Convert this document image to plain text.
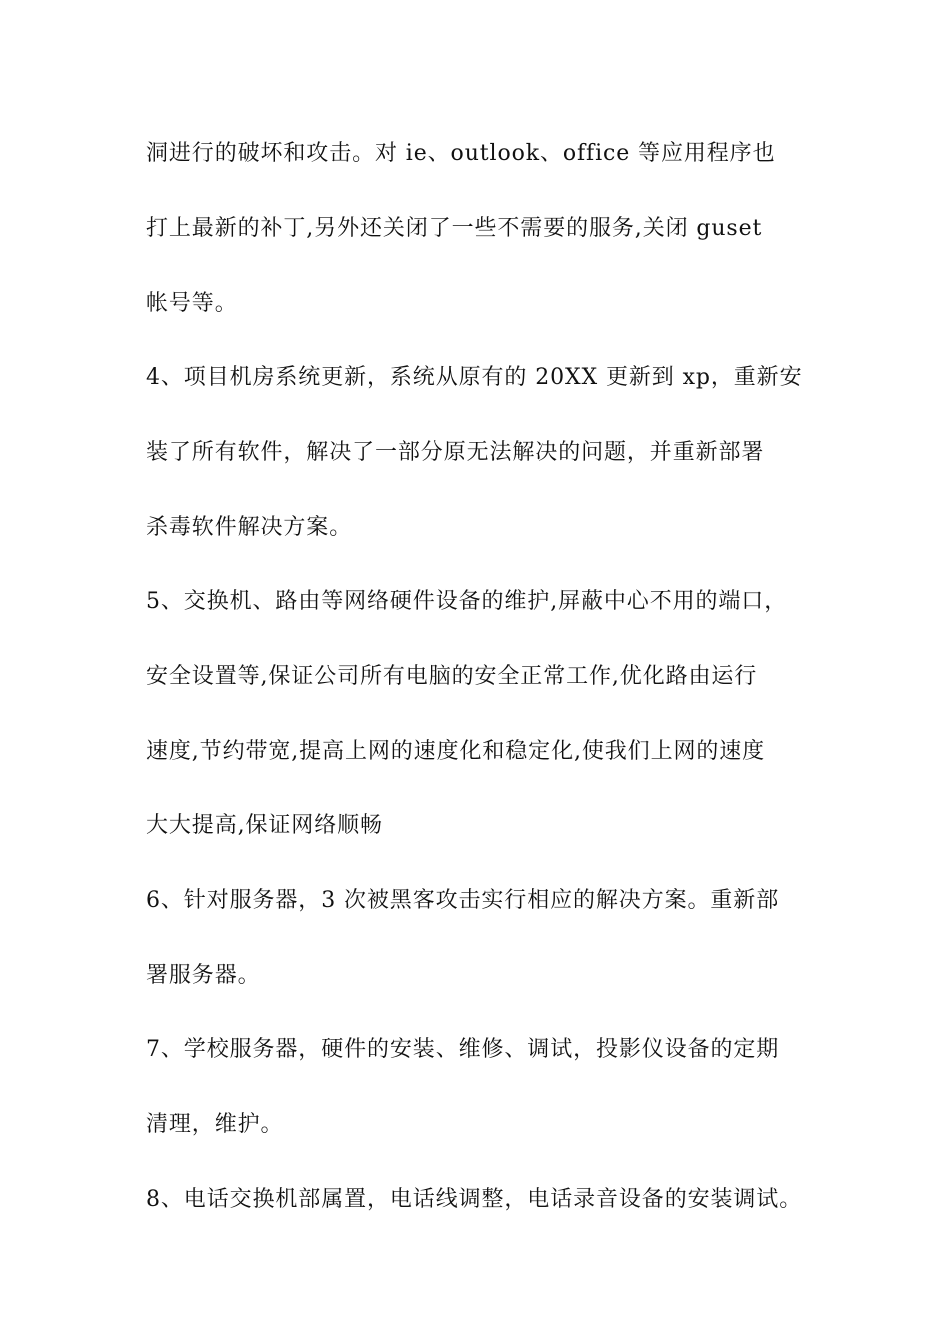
洞进行的破坏和攻击。对 ie、outlook、office 等应用程序也
打上最新的补丁,另外还关闭了一些不需要的服务,关闭 guset
帐号等。
4、项目机房系统更新，系统从原有的 20XX 更新到 xp，重新安
装了所有软件，解决了一部分原无法解决的问题，并重新部署
杀毒软件解决方案。
5、交换机、路由等网络硬件设备的维护,屏蔽中心不用的端口，
安全设置等,保证公司所有电脑的安全正常工作,优化路由运行
速度,节约带宽,提高上网的速度化和稳定化,使我们上网的速度
大大提高,保证网络顺畅
6、针对服务器，3 次被黑客攻击实行相应的解决方案。重新部
署服务器。
7、学校服务器，硬件的安装、维修、调试，投影仪设备的定期
清理，维护。
8、电话交换机部属置，电话线调整，电话录音设备的安装调试。
